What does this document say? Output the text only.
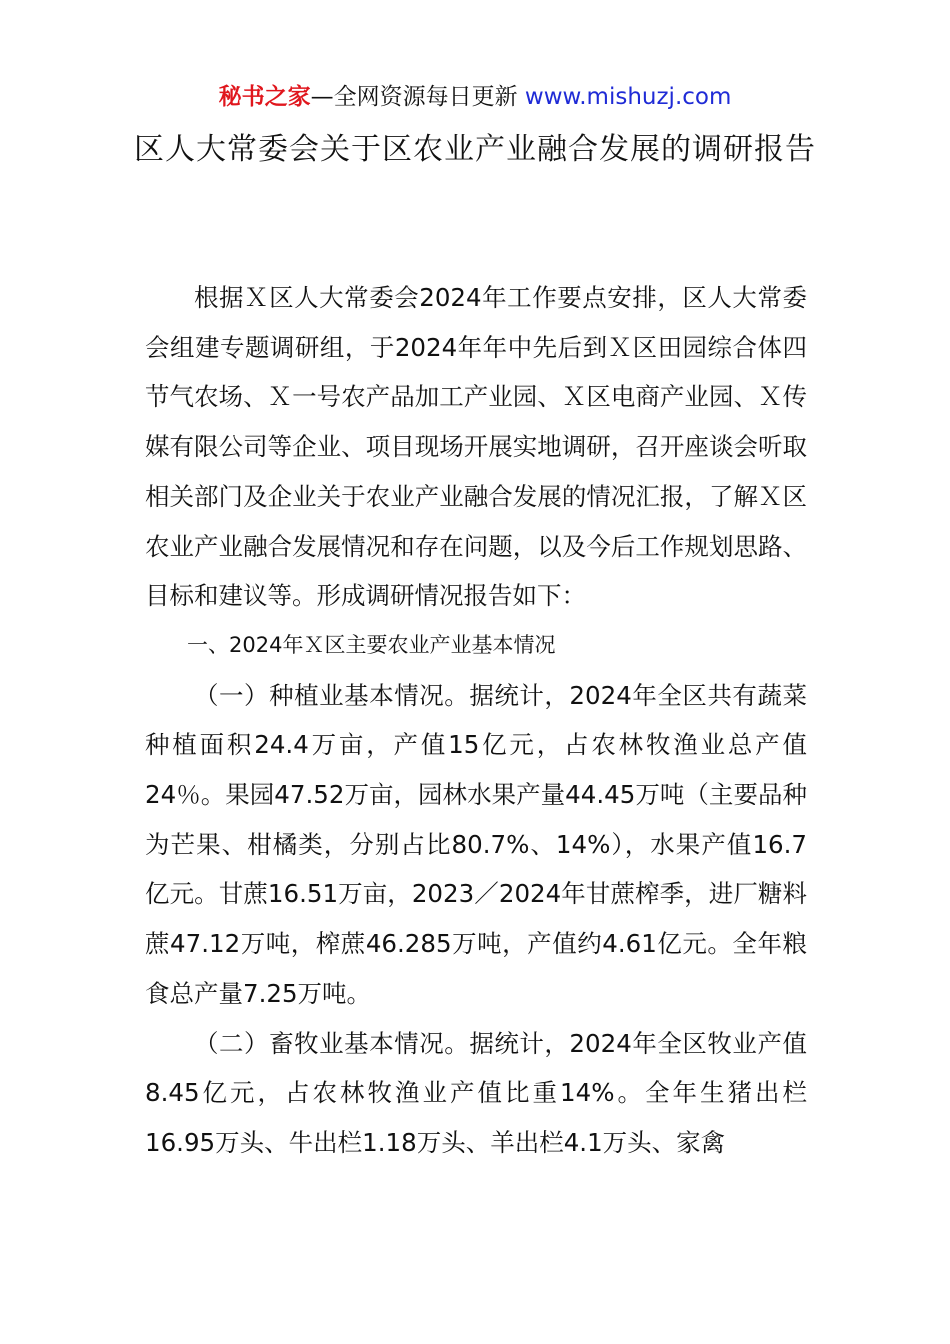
秘书之家—全网资源每日更新 www.mishuzj.com
区人大常委会关于区农业产业融合发展的调研报告

根据Ｘ区人大常委会2024年工作要点安排，区人大常委会组建专题调研组，于2024年年中先后到Ｘ区田园综合体四节气农场、Ｘ一号农产品加工产业园、Ｘ区电商产业园、Ｘ传媒有限公司等企业、项目现场开展实地调研，召开座谈会听取相关部门及企业关于农业产业融合发展的情况汇报，了解Ｘ区农业产业融合发展情况和存在问题，以及今后工作规划思路、目标和建议等。形成调研情况报告如下：

一、2024年Ｘ区主要农业产业基本情况

（一）种植业基本情况。据统计，2024年全区共有蔬菜种植面积24.4万亩，产值15亿元，占农林牧渔业总产值24％。果园47.52万亩，园林水果产量44.45万吨（主要品种为芒果、柑橘类，分别占比80.7%、14%），水果产值16.7亿元。甘蔗16.51万亩，2023／2024年甘蔗榨季，进厂糖料蔗47.12万吨，榨蔗46.285万吨，产值约4.61亿元。全年粮食总产量7.25万吨。

（二）畜牧业基本情况。据统计，2024年全区牧业产值8.45亿元，占农林牧渔业产值比重14%。全年生猪出栏16.95万头、牛出栏1.18万头、羊出栏4.1万头、家禽
